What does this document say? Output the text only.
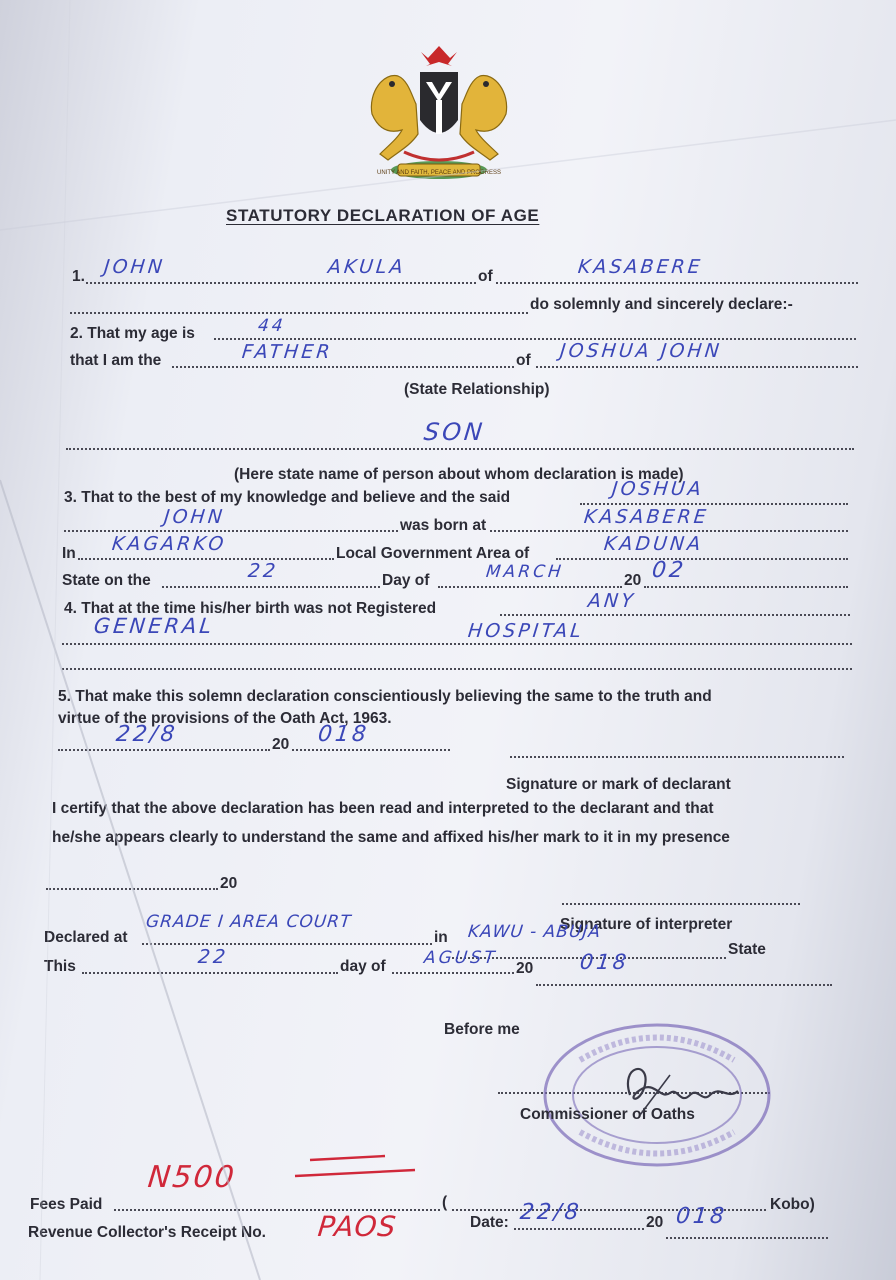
UNITY AND FAITH, PEACE AND PROGRESS
STATUTORY DECLARATION OF AGE
1. JOHN	AKULA	of	KASABERE
do solemnly and sincerely declare:-
2. That my age is	44
that I am the	FATHER	of JOSHUA JOHN
(State Relationship)
SON
(Here state name of person about whom declaration is made)
3. That to the best of my knowledge and believe and the said	JOSHUA
JOHN	was born at	KASABERE
In KAGARKO	Local Government Area of	KADUNA
State on the	22	Day of	MARCH	20 02
4. That at the time his/her birth was not Registered	ANY
GENERAL	HOSPITAL
5. That make this solemn declaration conscientiously believing the same to the truth and
virtue of the provisions of the Oath Act, 1963.
22/8	20 018
Signature or mark of declarant
I certify that the above declaration has been read and interpreted to the declarant and that
he/she appears clearly to understand the same and affixed his/her mark to it in my presence
20
Signature of interpreter
Declared at
GRADE I AREA COURT
in KAWU - ABUJA
State
This	22	day of AGUST
20 018
Before me
Commissioner of Oaths
Fees Paid
N500
(	Kobo)
Revenue Collector's Receipt No. PAOS	Date: 22/8	20 018
